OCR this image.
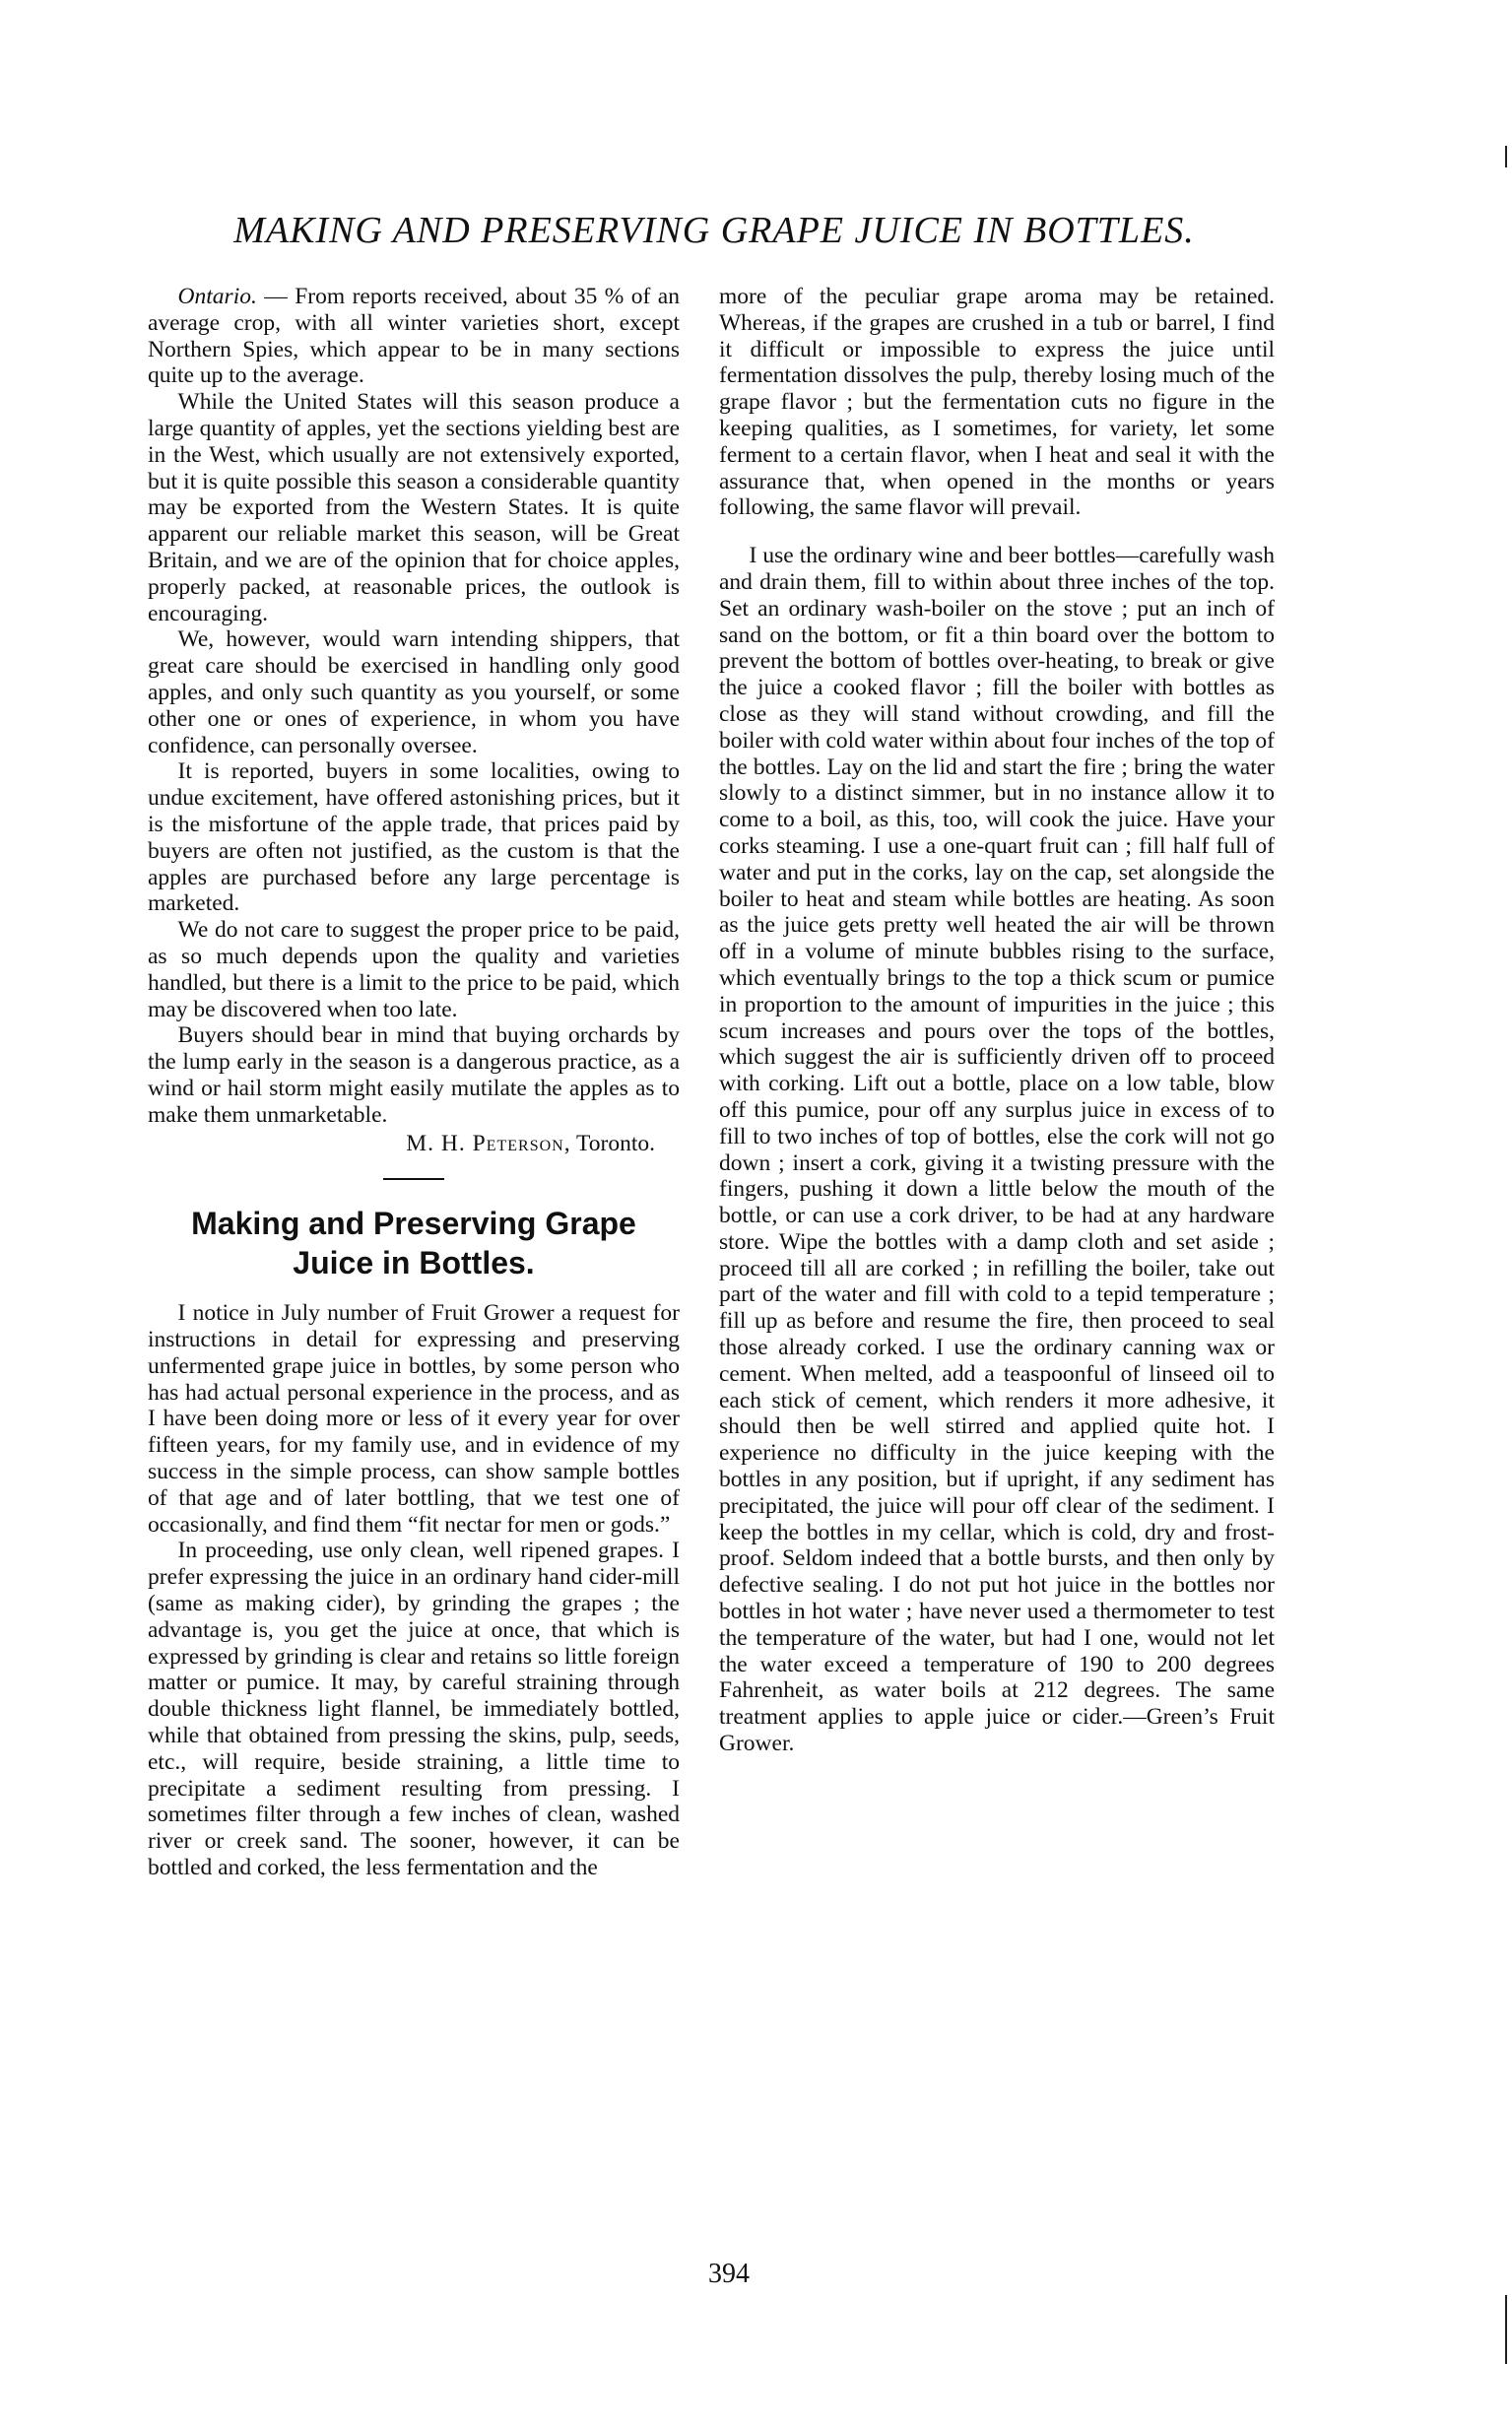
MAKING AND PRESERVING GRAPE JUICE IN BOTTLES.

Ontario. — From reports received, about 35 % of an average crop, with all winter varieties short, except Northern Spies, which appear to be in many sections quite up to the average.

While the United States will this season produce a large quantity of apples, yet the sections yielding best are in the West, which usually are not extensively exported, but it is quite possible this season a considerable quantity may be exported from the Western States. It is quite apparent our reliable market this season, will be Great Britain, and we are of the opinion that for choice apples, properly packed, at reasonable prices, the outlook is encouraging.

We, however, would warn intending shippers, that great care should be exercised in handling only good apples, and only such quantity as you yourself, or some other one or ones of experience, in whom you have confidence, can personally oversee.

It is reported, buyers in some localities, owing to undue excitement, have offered astonishing prices, but it is the misfortune of the apple trade, that prices paid by buyers are often not justified, as the custom is that the apples are purchased before any large percentage is marketed.

We do not care to suggest the proper price to be paid, as so much depends upon the quality and varieties handled, but there is a limit to the price to be paid, which may be discovered when too late.

Buyers should bear in mind that buying orchards by the lump early in the season is a dangerous practice, as a wind or hail storm might easily mutilate the apples as to make them unmarketable.

M. H. Peterson, Toronto.
Making and Preserving Grape
Juice in Bottles.

I notice in July number of Fruit Grower a request for instructions in detail for expressing and preserving unfermented grape juice in bottles, by some person who has had actual personal experience in the process, and as I have been doing more or less of it every year for over fifteen years, for my family use, and in evidence of my success in the simple process, can show sample bottles of that age and of later bottling, that we test one of occasionally, and find them “fit nectar for men or gods.”

In proceeding, use only clean, well ripened grapes. I prefer expressing the juice in an ordinary hand cider-mill (same as making cider), by grinding the grapes ; the advantage is, you get the juice at once, that which is expressed by grinding is clear and retains so little foreign matter or pumice. It may, by careful straining through double thickness light flannel, be immediately bottled, while that obtained from pressing the skins, pulp, seeds, etc., will require, beside straining, a little time to precipitate a sediment resulting from pressing. I sometimes filter through a few inches of clean, washed river or creek sand. The sooner, however, it can be bottled and corked, the less fermentation and the

more of the peculiar grape aroma may be retained. Whereas, if the grapes are crushed in a tub or barrel, I find it difficult or impossible to express the juice until fermentation dissolves the pulp, thereby losing much of the grape flavor ; but the fermentation cuts no figure in the keeping qualities, as I sometimes, for variety, let some ferment to a certain flavor, when I heat and seal it with the assurance that, when opened in the months or years following, the same flavor will prevail.

I use the ordinary wine and beer bottles—carefully wash and drain them, fill to within about three inches of the top. Set an ordinary wash-boiler on the stove ; put an inch of sand on the bottom, or fit a thin board over the bottom to prevent the bottom of bottles over-heating, to break or give the juice a cooked flavor ; fill the boiler with bottles as close as they will stand without crowding, and fill the boiler with cold water within about four inches of the top of the bottles. Lay on the lid and start the fire ; bring the water slowly to a distinct simmer, but in no instance allow it to come to a boil, as this, too, will cook the juice. Have your corks steaming. I use a one-quart fruit can ; fill half full of water and put in the corks, lay on the cap, set alongside the boiler to heat and steam while bottles are heating. As soon as the juice gets pretty well heated the air will be thrown off in a volume of minute bubbles rising to the surface, which eventually brings to the top a thick scum or pumice in proportion to the amount of impurities in the juice ; this scum increases and pours over the tops of the bottles, which suggest the air is sufficiently driven off to proceed with corking. Lift out a bottle, place on a low table, blow off this pumice, pour off any surplus juice in excess of to fill to two inches of top of bottles, else the cork will not go down ; insert a cork, giving it a twisting pressure with the fingers, pushing it down a little below the mouth of the bottle, or can use a cork driver, to be had at any hardware store. Wipe the bottles with a damp cloth and set aside ; proceed till all are corked ; in refilling the boiler, take out part of the water and fill with cold to a tepid temperature ; fill up as before and resume the fire, then proceed to seal those already corked. I use the ordinary canning wax or cement. When melted, add a teaspoonful of linseed oil to each stick of cement, which renders it more adhesive, it should then be well stirred and applied quite hot. I experience no difficulty in the juice keeping with the bottles in any position, but if upright, if any sediment has precipitated, the juice will pour off clear of the sediment. I keep the bottles in my cellar, which is cold, dry and frost-proof. Seldom indeed that a bottle bursts, and then only by defective sealing. I do not put hot juice in the bottles nor bottles in hot water ; have never used a thermometer to test the temperature of the water, but had I one, would not let the water exceed a temperature of 190 to 200 degrees Fahrenheit, as water boils at 212 degrees. The same treatment applies to apple juice or cider.—Green’s Fruit Grower.

394
